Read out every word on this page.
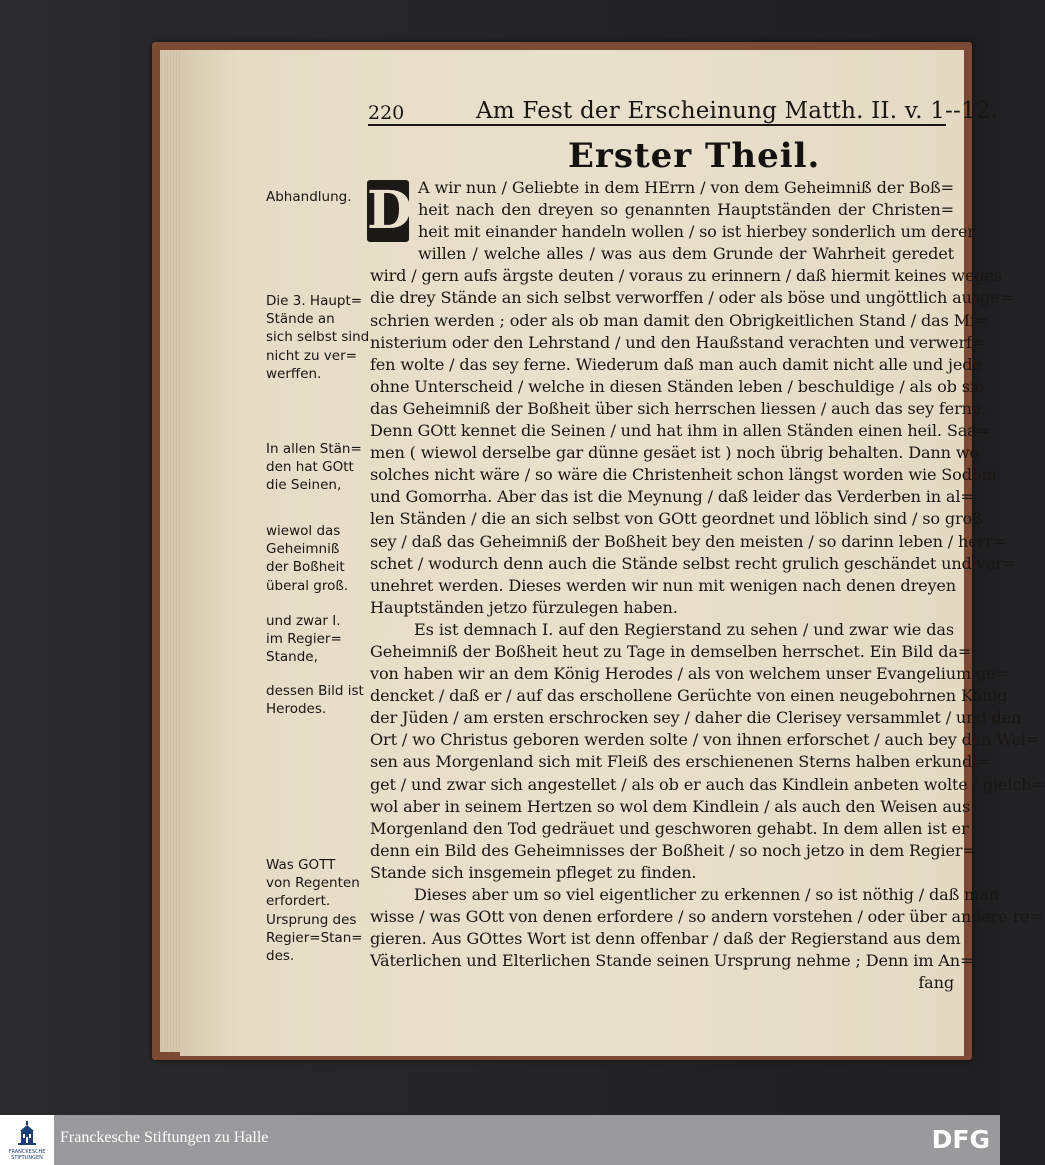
220	Am Fest der Erscheinung Matth. II. v. 1--12.
Erster Theil.
D A wir nun / Geliebte in dem HErrn / von dem Geheimniß der Boß=
heit nach den dreyen so genannten Hauptständen der Christen=
heit mit einander handeln wollen / so ist hierbey sonderlich um derer
willen / welche alles / was aus dem Grunde der Wahrheit geredet
wird / gern aufs ärgste deuten / voraus zu erinnern / daß hiermit keines weges
die drey Stände an sich selbst verworffen / oder als böse und ungöttlich ausge=
schrien werden ; oder als ob man damit den Obrigkeitlichen Stand / das Mi=
nisterium oder den Lehrstand / und den Haußstand verachten und verwerf=
fen wolte / das sey ferne. Wiederum daß man auch damit nicht alle und jede
ohne Unterscheid / welche in diesen Ständen leben / beschuldige / als ob sie
das Geheimniß der Boßheit über sich herrschen liessen / auch das sey ferne.
Denn GOtt kennet die Seinen / und hat ihm in allen Ständen einen heil. Saa=
men ( wiewol derselbe gar dünne gesäet ist ) noch übrig behalten. Dann wo
solches nicht wäre / so wäre die Christenheit schon längst worden wie Sodom
und Gomorrha. Aber das ist die Meynung / daß leider das Verderben in al=
len Ständen / die an sich selbst von GOtt geordnet und löblich sind / so groß
sey / daß das Geheimniß der Boßheit bey den meisten / so darinn leben / herr=
schet / wodurch denn auch die Stände selbst recht grulich geschändet und ver=
unehret werden. Dieses werden wir nun mit wenigen nach denen dreyen
Hauptständen jetzo fürzulegen haben.
Es ist demnach I. auf den Regierstand zu sehen / und zwar wie das
Geheimniß der Boßheit heut zu Tage in demselben herrschet. Ein Bild da=
von haben wir an dem König Herodes / als von welchem unser Evangelium ge=
dencket / daß er / auf das erschollene Gerüchte von einen neugebohrnen König
der Jüden / am ersten erschrocken sey / daher die Clerisey versammlet / und den
Ort / wo Christus geboren werden solte / von ihnen erforschet / auch bey den Wei=
sen aus Morgenland sich mit Fleiß des erschienenen Sterns halben erkundi=
get / und zwar sich angestellet / als ob er auch das Kindlein anbeten wolte / gleich=
wol aber in seinem Hertzen so wol dem Kindlein / als auch den Weisen aus
Morgenland den Tod gedräuet und geschworen gehabt. In dem allen ist er
denn ein Bild des Geheimnisses der Boßheit / so noch jetzo in dem Regier=
Stande sich insgemein pfleget zu finden.
Dieses aber um so viel eigentlicher zu erkennen / so ist nöthig / daß man
wisse / was GOtt von denen erfordere / so andern vorstehen / oder über andere re=
gieren. Aus GOttes Wort ist denn offenbar / daß der Regierstand aus dem
Väterlichen und Elterlichen Stande seinen Ursprung nehme ; Denn im An=
fang
Abhandlung.
Die 3. Haupt=
Stände an
sich selbst sind
nicht zu ver=
werffen.
In allen Stän=
den hat GOtt
die Seinen,
wiewol das
Geheimniß
der Boßheit
überal groß.
und zwar I.
im Regier=
Stande,
dessen Bild ist
Herodes.
Was GOTT
von Regenten
erfordert.
Ursprung des
Regier=Stan=
des.
FRANCKESCHE STIFTUNGEN
Franckesche Stiftungen zu Halle	DFG
